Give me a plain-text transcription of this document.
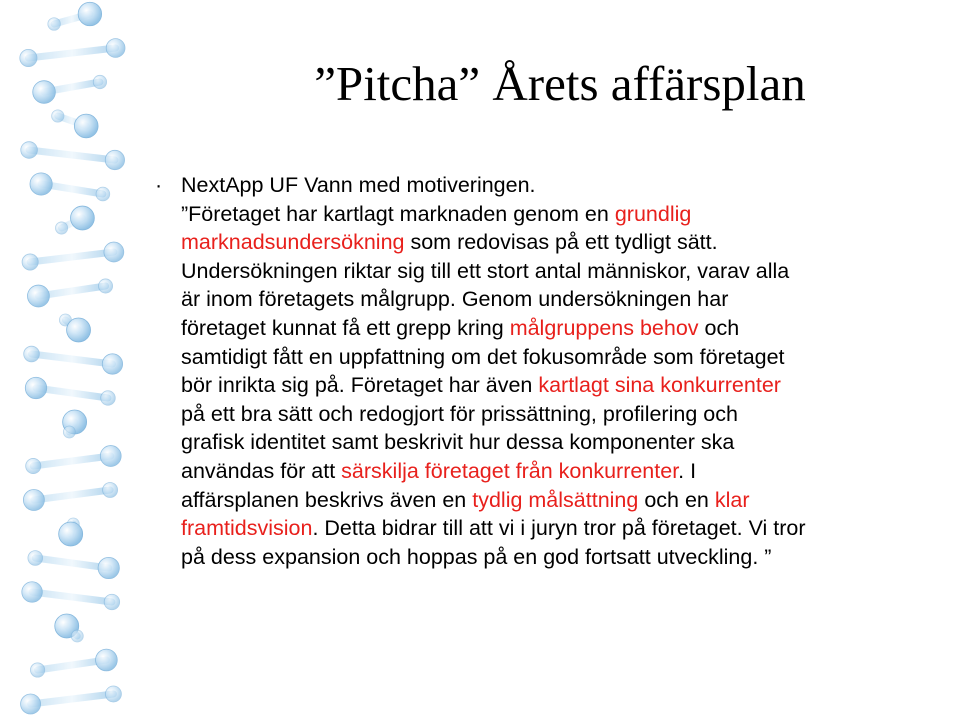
”Pitcha” Årets affärsplan
· NextApp UF Vann med motiveringen.
”Företaget har kartlagt marknaden genom en grundlig
marknadsundersökning som redovisas på ett tydligt sätt.
Undersökningen riktar sig till ett stort antal människor, varav alla
är inom företagets målgrupp. Genom undersökningen har
företaget kunnat få ett grepp kring målgruppens behov och
samtidigt fått en uppfattning om det fokusområde som företaget
bör inrikta sig på. Företaget har även kartlagt sina konkurrenter
på ett bra sätt och redogjort för prissättning, profilering och
grafisk identitet samt beskrivit hur dessa komponenter ska
användas för att särskilja företaget från konkurrenter. I
affärsplanen beskrivs även en tydlig målsättning och en klar
framtidsvision. Detta bidrar till att vi i juryn tror på företaget. Vi tror
på dess expansion och hoppas på en god fortsatt utveckling. ”
